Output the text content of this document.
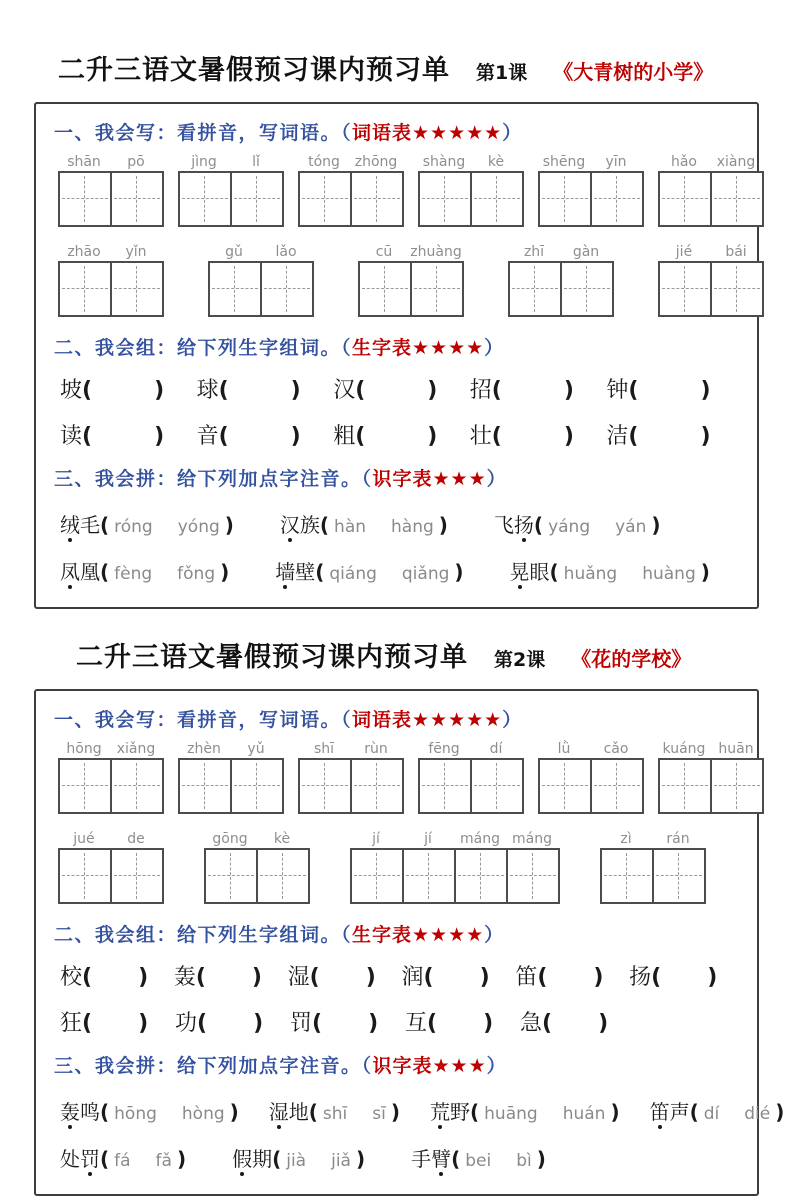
二升三语文暑假预习课内预习单 第1课 《大青树的小学》
一、我会写：看拼音，写词语。（词语表★★★★★）
shān	pō	jìng	lǐ	tóng	zhōng	shàng	kè	shēng	yīn	hǎo	xiàng
zhāo	yǐn	gǔ	lǎo	cū	zhuàng	zhī	gàn	jié	bái
二、我会组：给下列生字组词。（生字表★★★★）
坡(	)	球(	)	汉(	)	招(	)	钟(	)
读(	)	音(	)	粗(	)	壮(	)	洁(	)
三、我会拼：给下列加点字注音。（识字表★★★）
绒毛( róng yóng ) 汉族( hàn hàng ) 飞扬( yáng yán )
凤凰( fèng fǒng ) 墙壁( qiáng qiǎng ) 晃眼( huǎng huàng )
二升三语文暑假预习课内预习单 第2课 《花的学校》
一、我会写：看拼音，写词语。（词语表★★★★★）
hōng	xiǎng	zhèn	yǔ	shī	rùn	fēng	dí	lǜ	cǎo	kuáng huān
jué	de	gōng	kè	jí	jí	máng máng	zì	rán
二、我会组：给下列生字组词。（生字表★★★★）
校( )	轰( )	湿( )	润( )	笛( )	扬( )
狂( )	功( )	罚( )	互( )	急( )
三、我会拼：给下列加点字注音。（识字表★★★）
轰鸣( hōng hòng ) 湿地( shī sī ) 荒野( huāng huán ) 笛声( dí dié )
处罚( fá fǎ ) 假期( jià jiǎ ) 手臂( bei bì )
